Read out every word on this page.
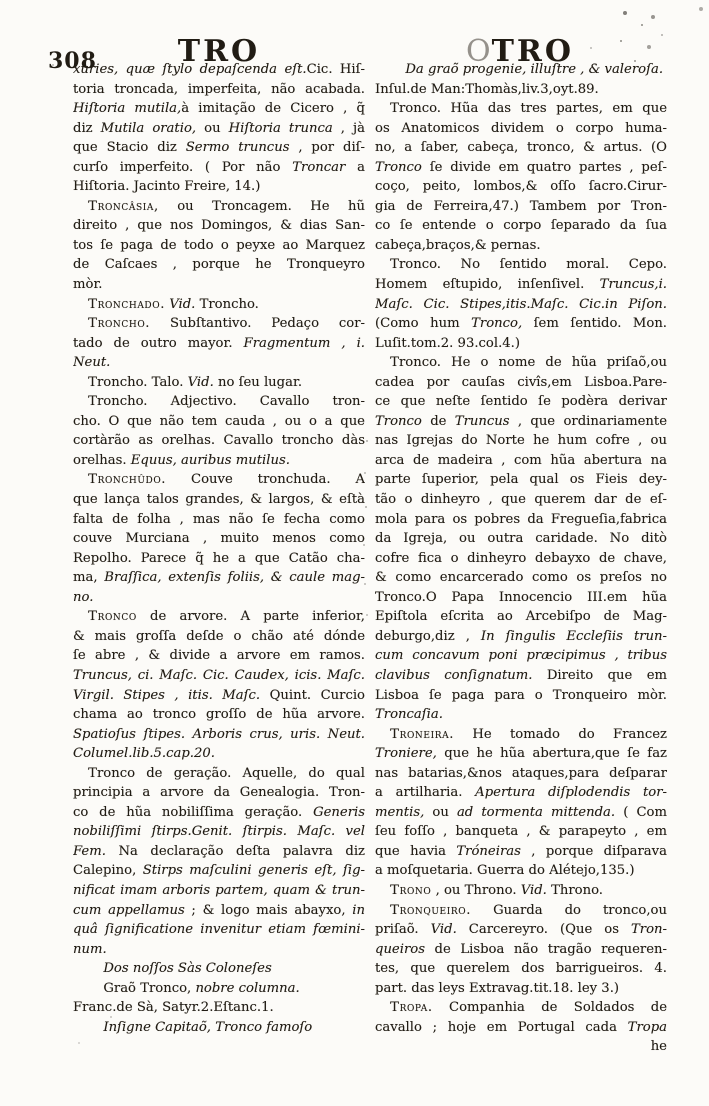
308	TRO	OTRO
xuries, quæ ſtylo depaſcenda eſt.Cic. Hiſ-
toria troncada, imperfeita, não acabada.
Hiſtoria mutila,à imitação de Cicero , q̃
diz Mutila oratio, ou Hiſtoria trunca , jà
que Stacio diz Sermo truncus , por diſ-
curſo imperfeito. ( Por não Troncar a
Hiſtoria. Jacinto Freire, 14.)
Troncâsia, ou Troncagem. He hũ
direito , que nos Domingos, & dias San-
tos ſe paga de todo o peyxe ao Marquez
de Caſcaes , porque he Tronqueyro
mòr.
Tronchado. Vid. Troncho.
Troncho. Subſtantivo. Pedaço cor-
tado de outro mayor. Fragmentum , i.
Neut.
Troncho. Talo. Vid. no ſeu lugar.
Troncho. Adjectivo. Cavallo tron-
cho. O que não tem cauda , ou o a que
cortàrão as orelhas. Cavallo troncho dàs
orelhas. Equus, auribus mutilus.
Tronchûdo. Couve tronchuda. A
que lança talos grandes, & largos, & eſtà
falta de folha , mas não ſe fecha como
couve Murciana , muito menos como
Repolho. Parece q̃ he a que Catão cha-
ma, Braſſica, extenſis foliis, & caule mag-
no.
Tronco de arvore. A parte inferior,
& mais groſſa deſde o chão até dónde
ſe abre , & divide a arvore em ramos.
Truncus, ci. Maſc. Cic. Caudex, icis. Maſc.
Virgil. Stipes , itis. Maſc. Quint. Curcio
chama ao tronco groſſo de hũa arvore.
Spatioſus ſtipes. Arboris crus, uris. Neut.
Columel.lib.5.cap.20.
Tronco de geração. Aquelle, do qual
principia a arvore da Genealogia. Tron-
co de hũa nobiliſſima geração. Generis
nobiliſſimi ſtirps.Genit. ſtirpis. Maſc. vel
Fem. Na declaração deſta palavra diz
Calepino, Stirps maſculini generis eſt, ſig-
nificat imam arboris partem, quam & trun-
cum appellamus ; & logo mais abayxo, in
quâ ſignificatione invenitur etiam fœmini-
num.
Dos noſſos Sàs Coloneſes
Graõ Tronco, nobre columna.
Franc.de Sà, Satyr.2.Eſtanc.1.
Inſigne Capitaõ, Tronco famoſo
Da graõ progenie, illuſtre , & valeroſa.
Inſul.de Man:Thomàs,liv.3,oyt.89.
Tronco. Hũa das tres partes, em que
os Anatomicos dividem o corpo huma-
no, a ſaber, cabeça, tronco, & artus. (O
Tronco ſe divide em quatro partes , peſ-
coço, peito, lombos,& oſſo ſacro.Cirur-
gia de Ferreira,47.) Tambem por Tron-
co ſe entende o corpo ſeparado da ſua
cabeça,braços,& pernas.
Tronco. No ſentido moral. Cepo.
Homem eſtupido, inſenſivel. Truncus,i.
Maſc. Cic. Stipes,itis.Maſc. Cic.in Piſon.
(Como hum Tronco, ſem ſentido. Mon.
Luſit.tom.2. 93.col.4.)
Tronco. He o nome de hũa priſaõ,ou
cadea por cauſas civîs,em Lisboa.Pare-
ce que neſte ſentido ſe podèra derivar
Tronco de Truncus , que ordinariamente
nas Igrejas do Norte he hum cofre , ou
arca de madeira , com hũa abertura na
parte ſuperior, pela qual os Fieis dey-
tão o dinheyro , que querem dar de eſ-
mola para os pobres da Fregueſia,fabrica
da Igreja, ou outra caridade. No ditò
cofre fica o dinheyro debayxo de chave,
& como encarcerado como os preſos no
Tronco.O Papa Innocencio III.em hũa
Epiſtola eſcrita ao Arcebiſpo de Mag-
deburgo,diz , In ſingulis Eccleſiis trun-
cum concavum poni præcipimus , tribus
clavibus conſignatum. Direito que em
Lisboa ſe paga para o Tronqueiro mòr.
Troncaſia.
Troneira. He tomado do Francez
Troniere, que he hũa abertura,que ſe faz
nas batarias,&nos ataques,para deſparar
a artilharia. Apertura diſplodendis tor-
mentis, ou ad tormenta mittenda. ( Com
ſeu foſſo , banqueta , & parapeyto , em
que havia Tróneiras , porque diſparava
a moſquetaria. Guerra do Alétejo,135.)
Trono , ou Throno. Vid. Throno.
Tronqueiro. Guarda do tronco,ou
priſaõ. Vid. Carcereyro. (Que os Tron-
queiros de Lisboa não tragão requeren-
tes, que querelem dos barrigueiros. 4.
part. das leys Extravag.tit.18. ley 3.)
Tropa. Companhia de Soldados de
cavallo ; hoje em Portugal cada Tropa
he
